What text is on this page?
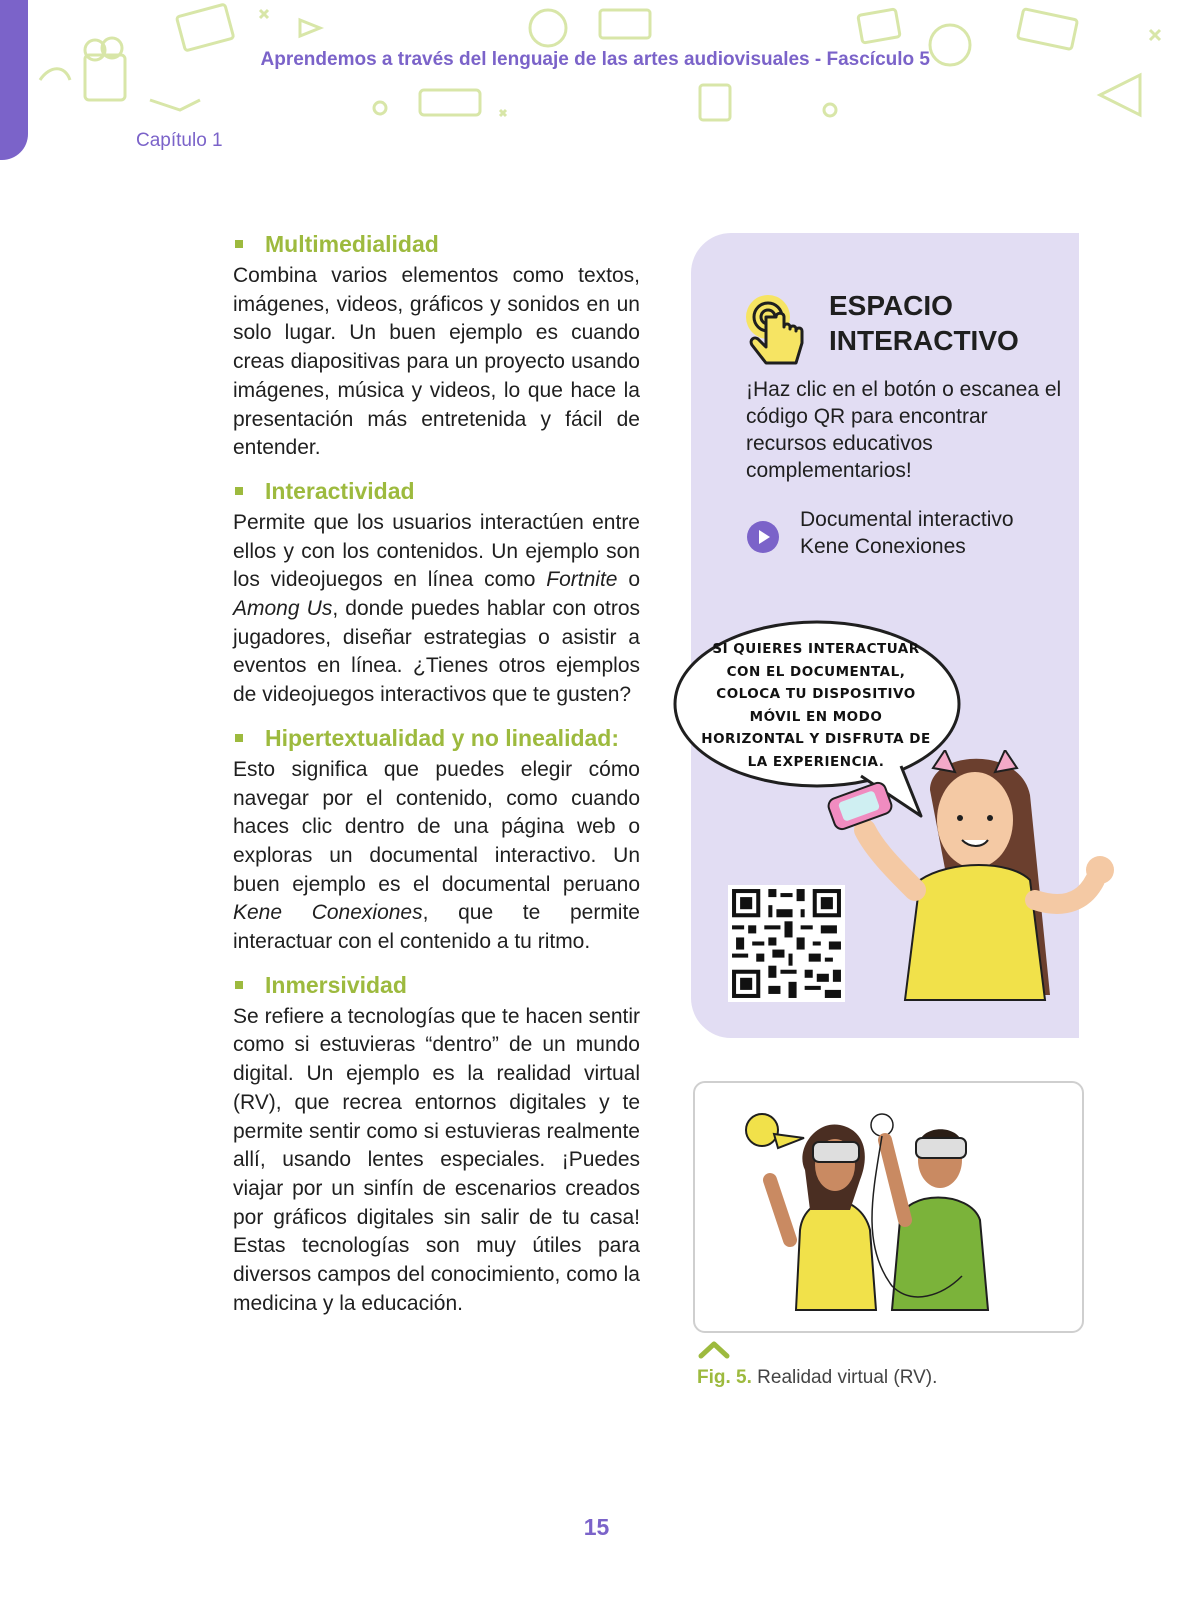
Aprendemos a través del lenguaje de las artes audiovisuales - Fascículo 5
Capítulo 1
Multimedialidad

Combina varios elementos como textos, imágenes, videos, gráficos y sonidos en un solo lugar. Un buen ejemplo es cuando creas diapositivas para un proyecto usando imágenes, música y videos, lo que hace la presentación más entretenida y fácil de entender.

Interactividad

Permite que los usuarios interactúen entre ellos y con los contenidos. Un ejemplo son los videojuegos en línea como Fortnite o Among Us, donde puedes hablar con otros jugadores, diseñar estrategias o asistir a eventos en línea. ¿Tienes otros ejemplos de videojuegos interactivos que te gusten?

Hipertextualidad y no linealidad:

Esto significa que puedes elegir cómo navegar por el contenido, como cuando haces clic dentro de una página web o exploras un documental interactivo. Un buen ejemplo es el documental peruano Kene Conexiones, que te permite interactuar con el contenido a tu ritmo.

Inmersividad

Se refiere a tecnologías que te hacen sentir como si estuvieras “dentro” de un mundo digital. Un ejemplo es la realidad virtual (RV), que recrea entornos digitales y te permite sentir como si estuvieras realmente allí, usando lentes especiales. ¡Puedes viajar por un sinfín de escenarios creados por gráficos digitales sin salir de tu casa! Estas tecnologías son muy útiles para diversos campos del conocimiento, como la medicina y la educación.

ESPACIO
INTERACTIVO
¡Haz clic en el botón o escanea el código QR para encontrar recursos educativos complementarios!
Documental interactivo
Kene Conexiones
SI QUIERES INTERACTUAR CON EL DOCUMENTAL, COLOCA TU DISPOSITIVO MÓVIL EN MODO HORIZONTAL Y DISFRUTA DE LA EXPERIENCIA.
Fig. 5. Realidad virtual (RV).
15
